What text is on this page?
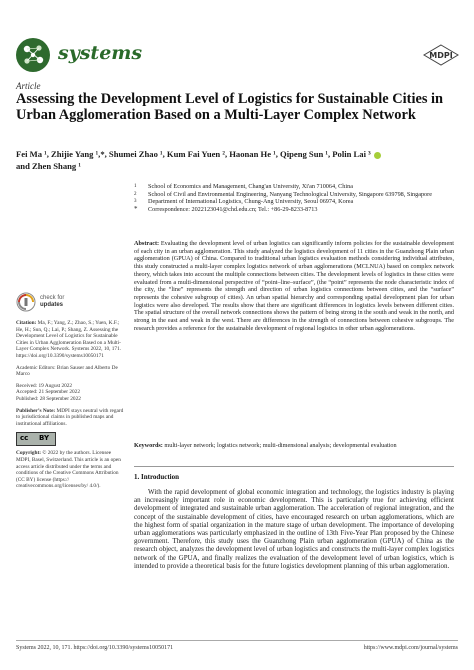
systems	MDPI
Article
Assessing the Development Level of Logistics for Sustainable Cities in Urban Agglomeration Based on a Multi-Layer Complex Network
Fei Ma ¹, Zhijie Yang ¹,*, Shumei Zhao ¹, Kum Fai Yuen ², Haonan He ¹, Qipeng Sun ¹, Polin Lai ³
and Zhen Shang ¹
1 School of Economics and Management, Chang'an University, Xi'an 710064, China
2 School of Civil and Environmental Engineering, Nanyang Technological University, Singapore 639798, Singapore
3 Department of International Logistics, Chung-Ang University, Seoul 06974, Korea
* Correspondence: 2022123041@chd.edu.cn; Tel.: +86-29-8233-8713
Abstract: Evaluating the development level of urban logistics can significantly inform policies for the sustainable development of each city in an urban agglomeration. This study analyzed the logistics development of 11 cities in the Guanzhong Plain urban agglomeration (GPUA) of China. Compared to traditional urban logistics evaluation methods considering individual attributes, this study constructed a multi-layer complex logistics network of urban agglomerations (MCLNUA) based on complex network theory, which takes into account the multiple connections between cities. The development levels of logistics in these cities were evaluated from a multi-dimensional perspective of “point–line–surface”, (the “point” represents the node characteristic index of the city, the “line” represents the strength and direction of urban logistics connections between cities, and the “surface” represents the cohesive subgroup of cities). An urban spatial hierarchy and corresponding spatial development plan for urban logistics were also developed. The results show that there are significant differences in logistics levels between different cities. The spatial structure of the overall network connections shows the pattern of being strong in the south and weak in the north, and strong in the east and weak in the west. There are differences in the strength of connections between cohesive subgroups. The research provides a reference for the sustainable development of regional logistics in other urban agglomerations.
Keywords: multi-layer network; logistics network; multi-dimensional analysis; developmental evaluation
check for
updates
Citation: Ma, F.; Yang, Z.; Zhao, S.; Yuen, K.F.; He, H.; Sun, Q.; Lai, P.; Shang, Z. Assessing the Development Level of Logistics for Sustainable Cities in Urban Agglomeration Based on a Multi-Layer Complex Network. Systems 2022, 10, 171. https://doi.org/10.3390/systems10050171
Academic Editors: Brian Sauser and Alberto De Marco
Received: 19 August 2022
Accepted: 21 September 2022
Published: 28 September 2022
Publisher’s Note: MDPI stays neutral with regard to jurisdictional claims in published maps and institutional affiliations.
cc BY
Copyright: © 2022 by the authors. Licensee MDPI, Basel, Switzerland. This article is an open access article distributed under the terms and conditions of the Creative Commons Attribution (CC BY) license (https:// creativecommons.org/licenses/by/ 4.0/).
1. Introduction
With the rapid development of global economic integration and technology, the logistics industry is playing an increasingly important role in economic development. This is particularly true for achieving efficient development of integrated and sustainable urban agglomeration. The acceleration of regional integration, and the concept of the sustainable development of cities, have encouraged research on urban agglomerations, which are the highest form of spatial organization in the mature stage of urban development. The importance of developing urban agglomerations was particularly emphasized in the outline of 13th Five-Year Plan proposed by the Chinese government. Therefore, this study uses the Guanzhong Plain urban agglomeration (GPUA) of China as the research object, analyzes the development level of urban logistics and constructs the multi-layer complex logistics network of the GPUA, and finally realizes the evaluation of the development level of urban logistics, which is intended to provide a theoretical basis for the future logistics development planning of this urban agglomeration.
Systems 2022, 10, 171. https://doi.org/10.3390/systems10050171	https://www.mdpi.com/journal/systems
